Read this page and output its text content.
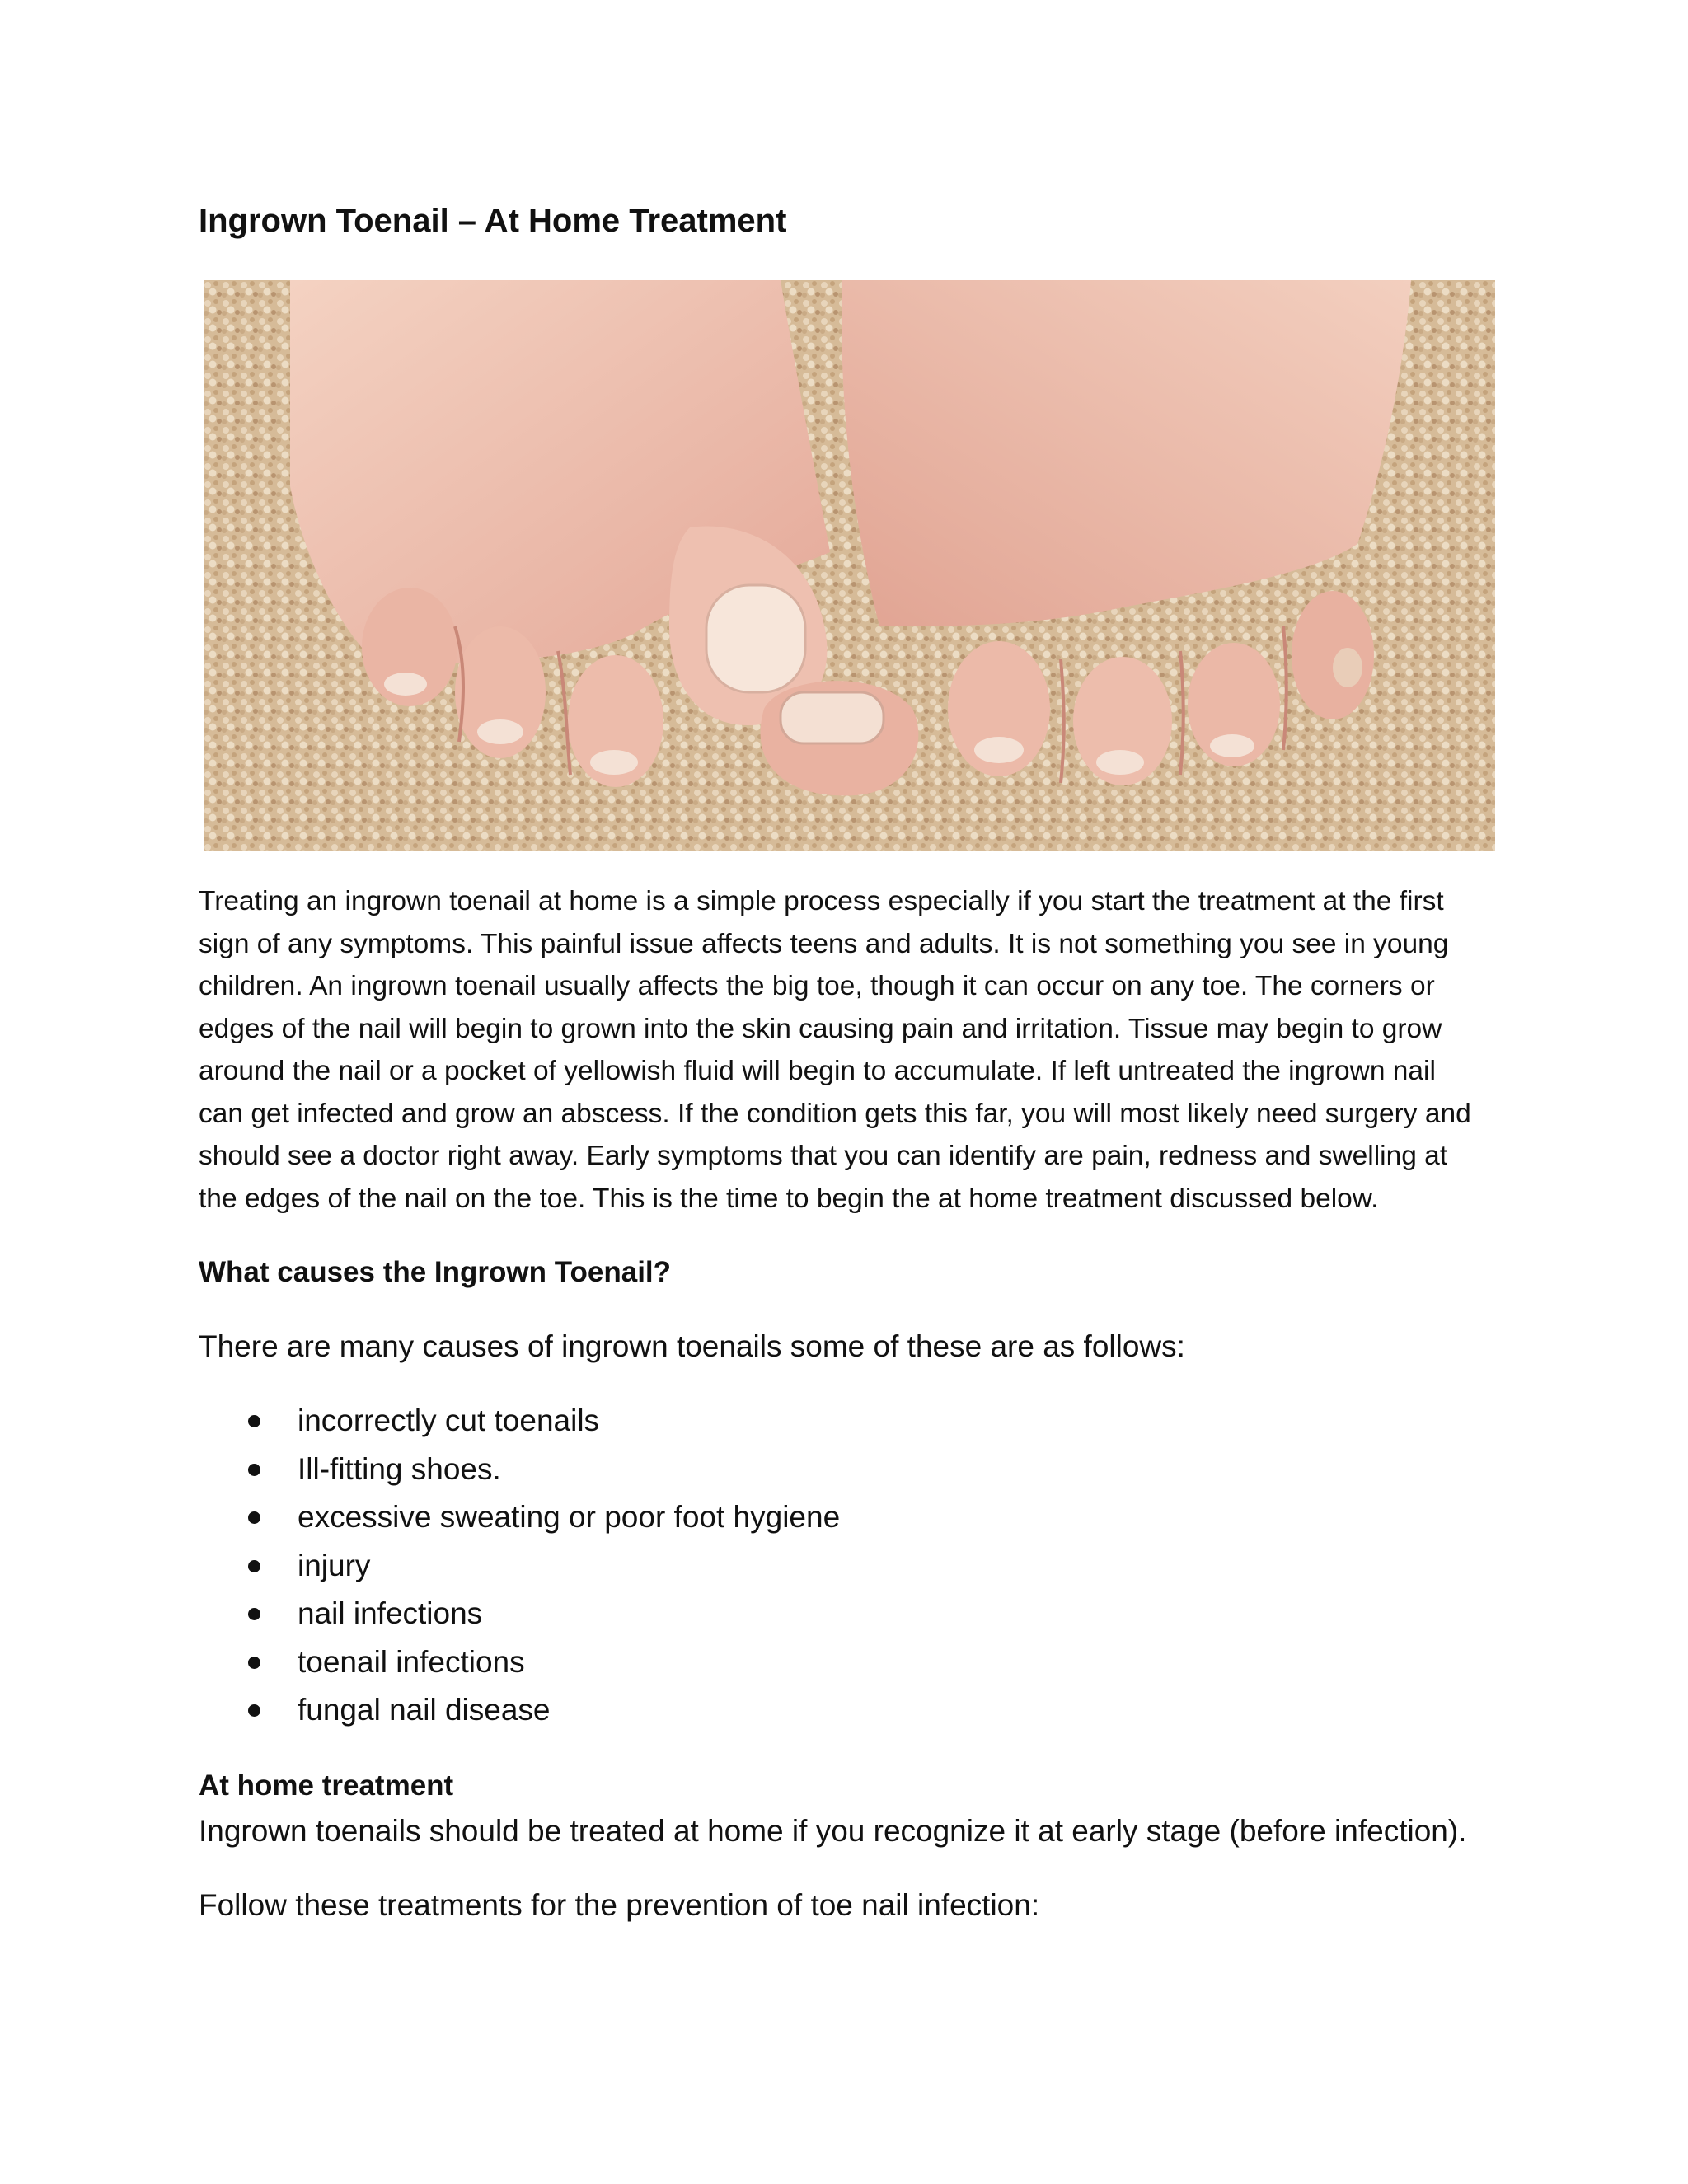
Ingrown Toenail – At Home Treatment

Treating an ingrown toenail at home is a simple process especially if you start the treatment at the first
sign of any symptoms. This painful issue affects teens and adults. It is not something you see in young
children. An ingrown toenail usually affects the big toe, though it can occur on any toe. The corners or
edges of the nail will begin to grown into the skin causing pain and irritation. Tissue may begin to grow
around the nail or a pocket of yellowish fluid will begin to accumulate. If left untreated the ingrown nail
can get infected and grow an abscess. If the condition gets this far, you will most likely need surgery and
should see a doctor right away. Early symptoms that you can identify are pain, redness and swelling at
the edges of the nail on the toe. This is the time to begin the at home treatment discussed below.

What causes the Ingrown Toenail?

There are many causes of ingrown toenails some of these are as follows:

incorrectly cut toenails
Ill-fitting shoes.
excessive sweating or poor foot hygiene
injury
nail infections
toenail infections
fungal nail disease
At home treatment

Ingrown toenails should be treated at home if you recognize it at early stage (before infection).

Follow these treatments for the prevention of toe nail infection:
